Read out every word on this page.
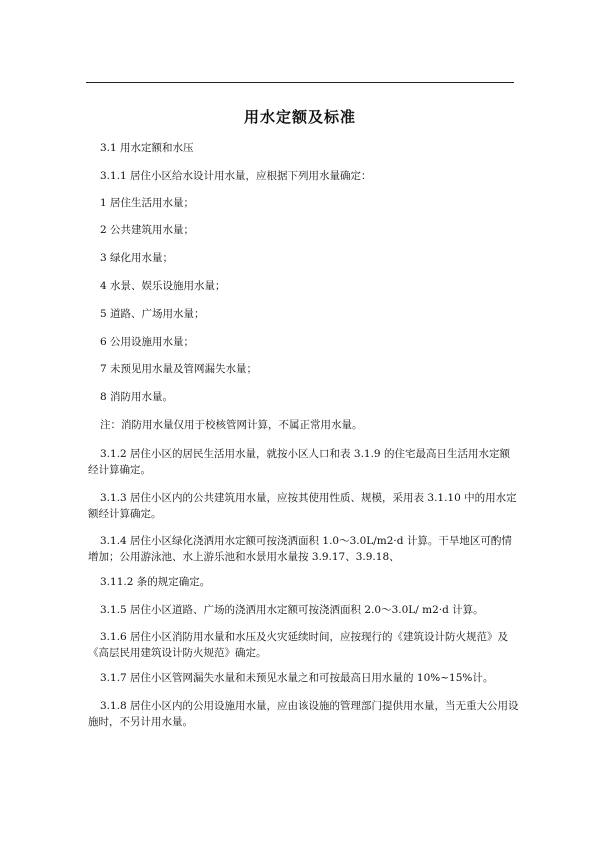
用水定额及标准
3.1 用水定额和水压
3.1.1 居住小区给水设计用水量，应根据下列用水量确定：
1 居住生活用水量；
2 公共建筑用水量；
3 绿化用水量；
4 水景、娱乐设施用水量；
5 道路、广场用水量；
6 公用设施用水量；
7 未预见用水量及管网漏失水量；
8 消防用水量。
注：消防用水量仅用于校核管网计算，不属正常用水量。
3.1.2 居住小区的居民生活用水量，就按小区人口和表 3.1.9 的住宅最高日生活用水定额经计算确定。
3.1.3 居住小区内的公共建筑用水量，应按其使用性质、规模，采用表 3.1.10 中的用水定额经计算确定。
3.1.4 居住小区绿化浇洒用水定额可按浇洒面积 1.0～3.0L/m2·d 计算。干旱地区可酌情增加；公用游泳池、水上游乐池和水景用水量按 3.9.17、3.9.18、
3.11.2 条的规定确定。
3.1.5 居住小区道路、广场的浇洒用水定额可按浇洒面积 2.0～3.0L/ m2·d 计算。
3.1.6 居住小区消防用水量和水压及火灾延续时间，应按现行的《建筑设计防火规范》及《高层民用建筑设计防火规范》确定。
3.1.7 居住小区管网漏失水量和未预见水量之和可按最高日用水量的 10%~15%计。
3.1.8 居住小区内的公用设施用水量，应由该设施的管理部门提供用水量，当无重大公用设施时，不另计用水量。
